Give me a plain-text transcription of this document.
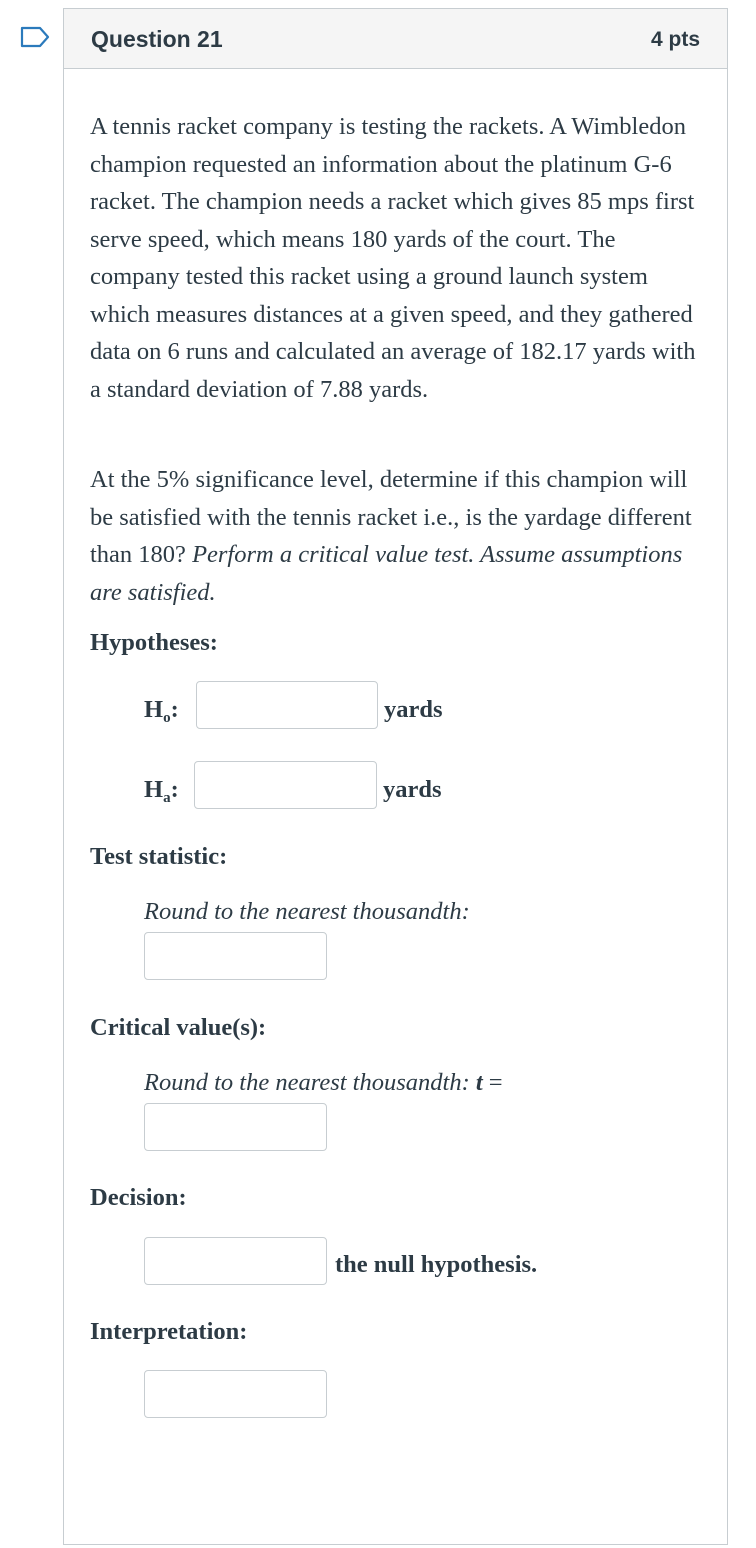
Question 21	4 pts
A tennis racket company is testing the rackets. A Wimbledon champion requested an information about the platinum G-6 racket. The champion needs a racket which gives 85 mps first serve speed, which means 180 yards of the court. The company tested this racket using a ground launch system which measures distances at a given speed, and they gathered data on 6 runs and calculated an average of 182.17 yards with a standard deviation of 7.88 yards.
At the 5% significance level, determine if this champion will be satisfied with the tennis racket i.e., is the yardage different than 180? Perform a critical value test. Assume assumptions are satisfied.
Hypotheses:
$H_o$:	yards
$H_a$:	yards
Test statistic:
Round to the nearest thousandth:
Critical value(s):
Round to the nearest thousandth: t =
Decision:
the null hypothesis.
Interpretation:
